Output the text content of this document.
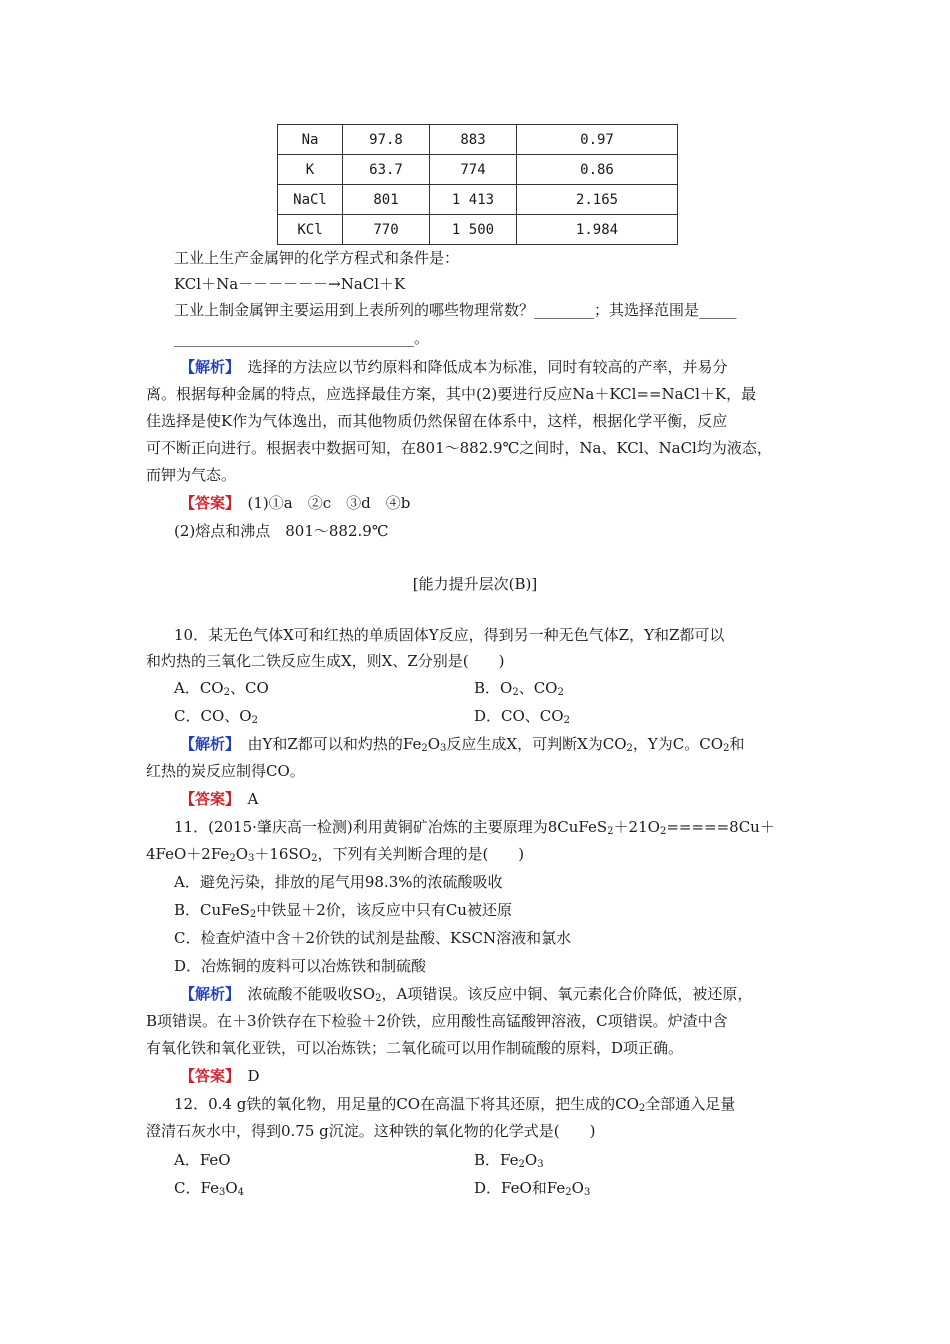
Na	97.8	883	0.97
K	63.7	774	0.86
NaCl	801	1 413	2.165
KCl	770	1 500	1.984
工业上生产金属钾的化学方程式和条件是：
KCl＋Na－－－－－－→NaCl＋K
工业上制金属钾主要运用到上表所列的哪些物理常数？________；其选择范围是_____
________________________________。
【解析】　 选择的方法应以节约原料和降低成本为标准，同时有较高的产率，并易分
离。根据每种金属的特点，应选择最佳方案，其中(2)要进行反应Na＋KCl==NaCl＋K，最
佳选择是使K作为气体逸出，而其他物质仍然保留在体系中，这样，根据化学平衡，反应
可不断正向进行。根据表中数据可知，在801～882.9℃之间时，Na、KCl、NaCl均为液态，
而钾为气态。
【答案】　 (1)①a　②c　③d　④b
(2)熔点和沸点　801～882.9℃
[能力提升层次(B)]
10．某无色气体X可和红热的单质固体Y反应，得到另一种无色气体Z，Y和Z都可以
和灼热的三氧化二铁反应生成X，则X、Z分别是(　　)
A．$CO_2$、CO	B．$O_2$、$CO_2$
C．CO、$O_2$	D．CO、$CO_2$
【解析】　 由Y和Z都可以和灼热的$Fe_2O_3$反应生成X，可判断X为$CO_2$，Y为C。$CO_2$和
红热的炭反应制得CO。
【答案】　 A
11．(2015·肇庆高一检测)利用黄铜矿冶炼的主要原理为$8CuFeS_2+21O_2=====8Cu+$
$4FeO+2Fe_2O_3+16SO_2$，下列有关判断合理的是(　　)
A．避免污染，排放的尾气用98.3%的浓硫酸吸收
B．CuFeS$_2$中铁显＋2价，该反应中只有Cu被还原
C．检查炉渣中含＋2价铁的试剂是盐酸、KSCN溶液和氯水
D．冶炼铜的废料可以冶炼铁和制硫酸
【解析】　 浓硫酸不能吸收$SO_2$，A项错误。该反应中铜、氧元素化合价降低，被还原，
B项错误。在＋3价铁存在下检验＋2价铁，应用酸性高锰酸钾溶液，C项错误。炉渣中含
有氧化铁和氧化亚铁，可以冶炼铁；二氧化硫可以用作制硫酸的原料，D项正确。
【答案】　 D
12．0.4 g铁的氧化物，用足量的CO在高温下将其还原，把生成的$CO_2$全部通入足量
澄清石灰水中，得到0.75 g沉淀。这种铁的氧化物的化学式是(　　)
A．FeO	B．$Fe_2O_3$
C．$Fe_3O_4$	D．FeO和$Fe_2O_3$
